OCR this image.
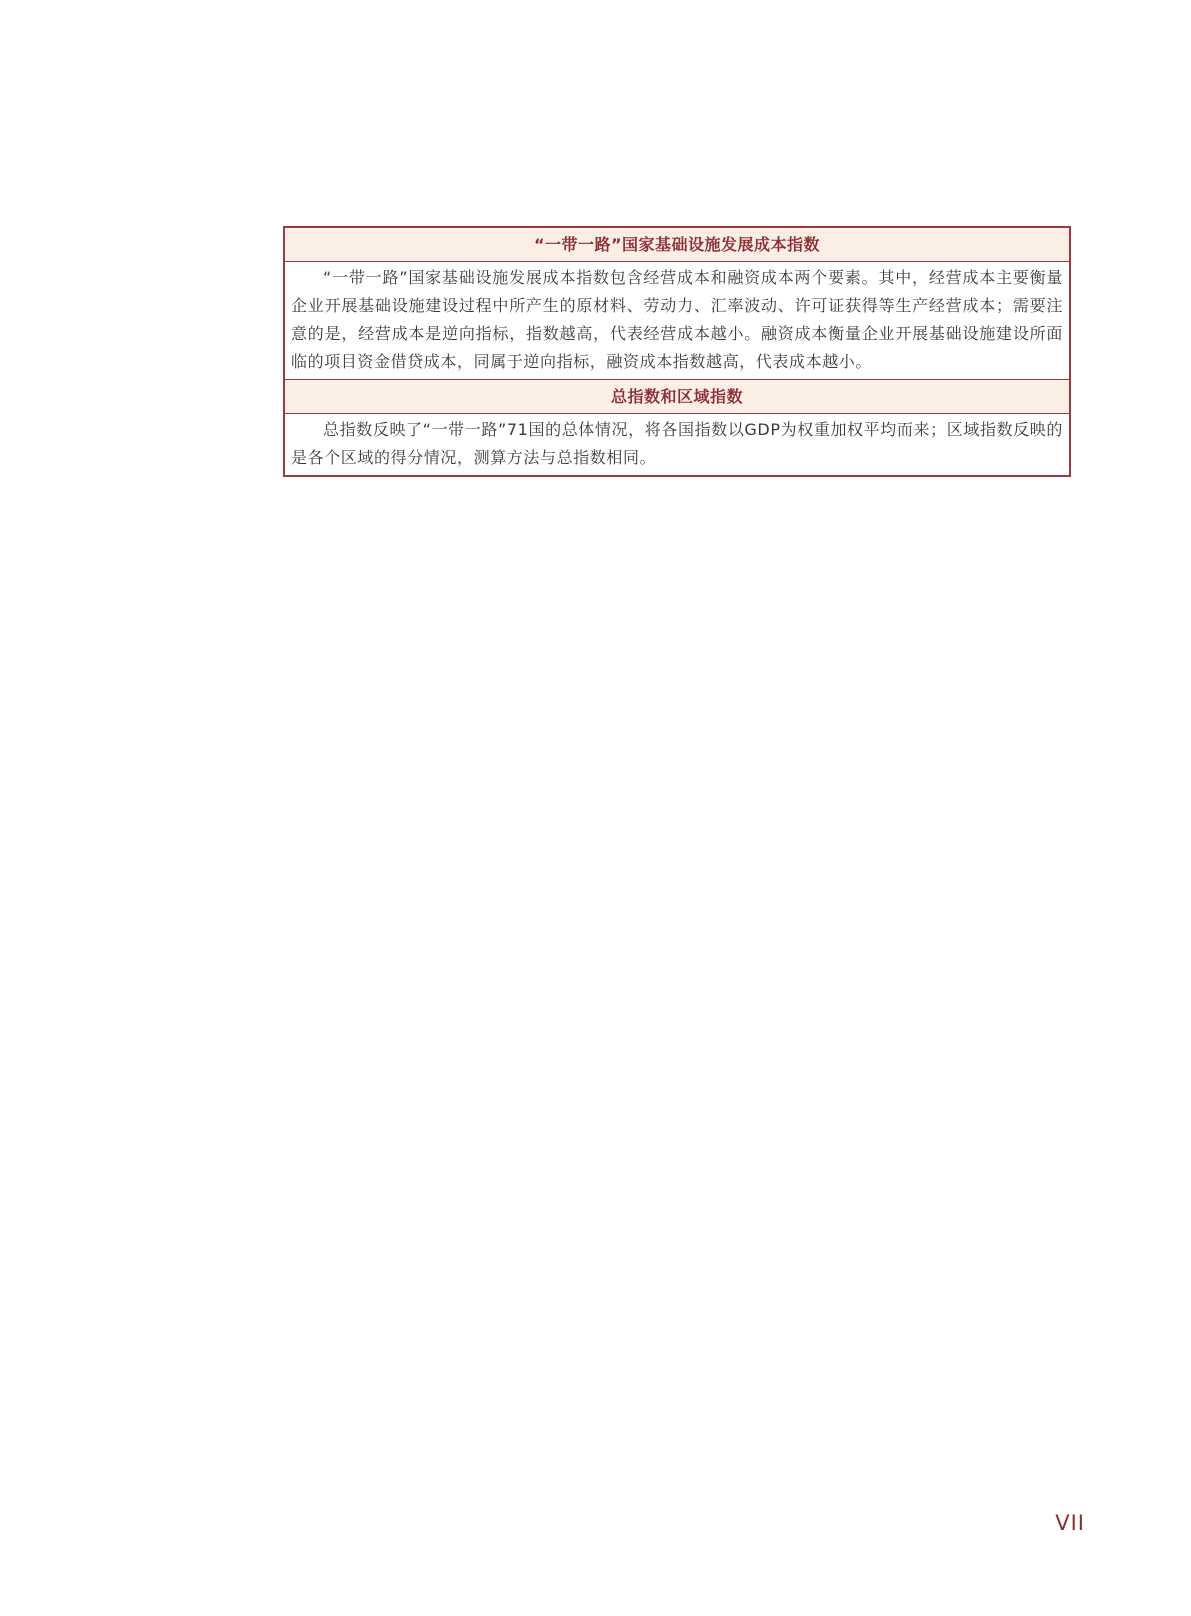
“一带一路”国家基础设施发展成本指数
“一带一路”国家基础设施发展成本指数包含经营成本和融资成本两个要素。其中，经营成本主要衡量企业开展基础设施建设过程中所产生的原材料、劳动力、汇率波动、许可证获得等生产经营成本；需要注意的是，经营成本是逆向指标，指数越高，代表经营成本越小。融资成本衡量企业开展基础设施建设所面临的项目资金借贷成本，同属于逆向指标，融资成本指数越高，代表成本越小。
总指数和区域指数
总指数反映了“一带一路”71国的总体情况，将各国指数以GDP为权重加权平均而来；区域指数反映的是各个区域的得分情况，测算方法与总指数相同。
VII
